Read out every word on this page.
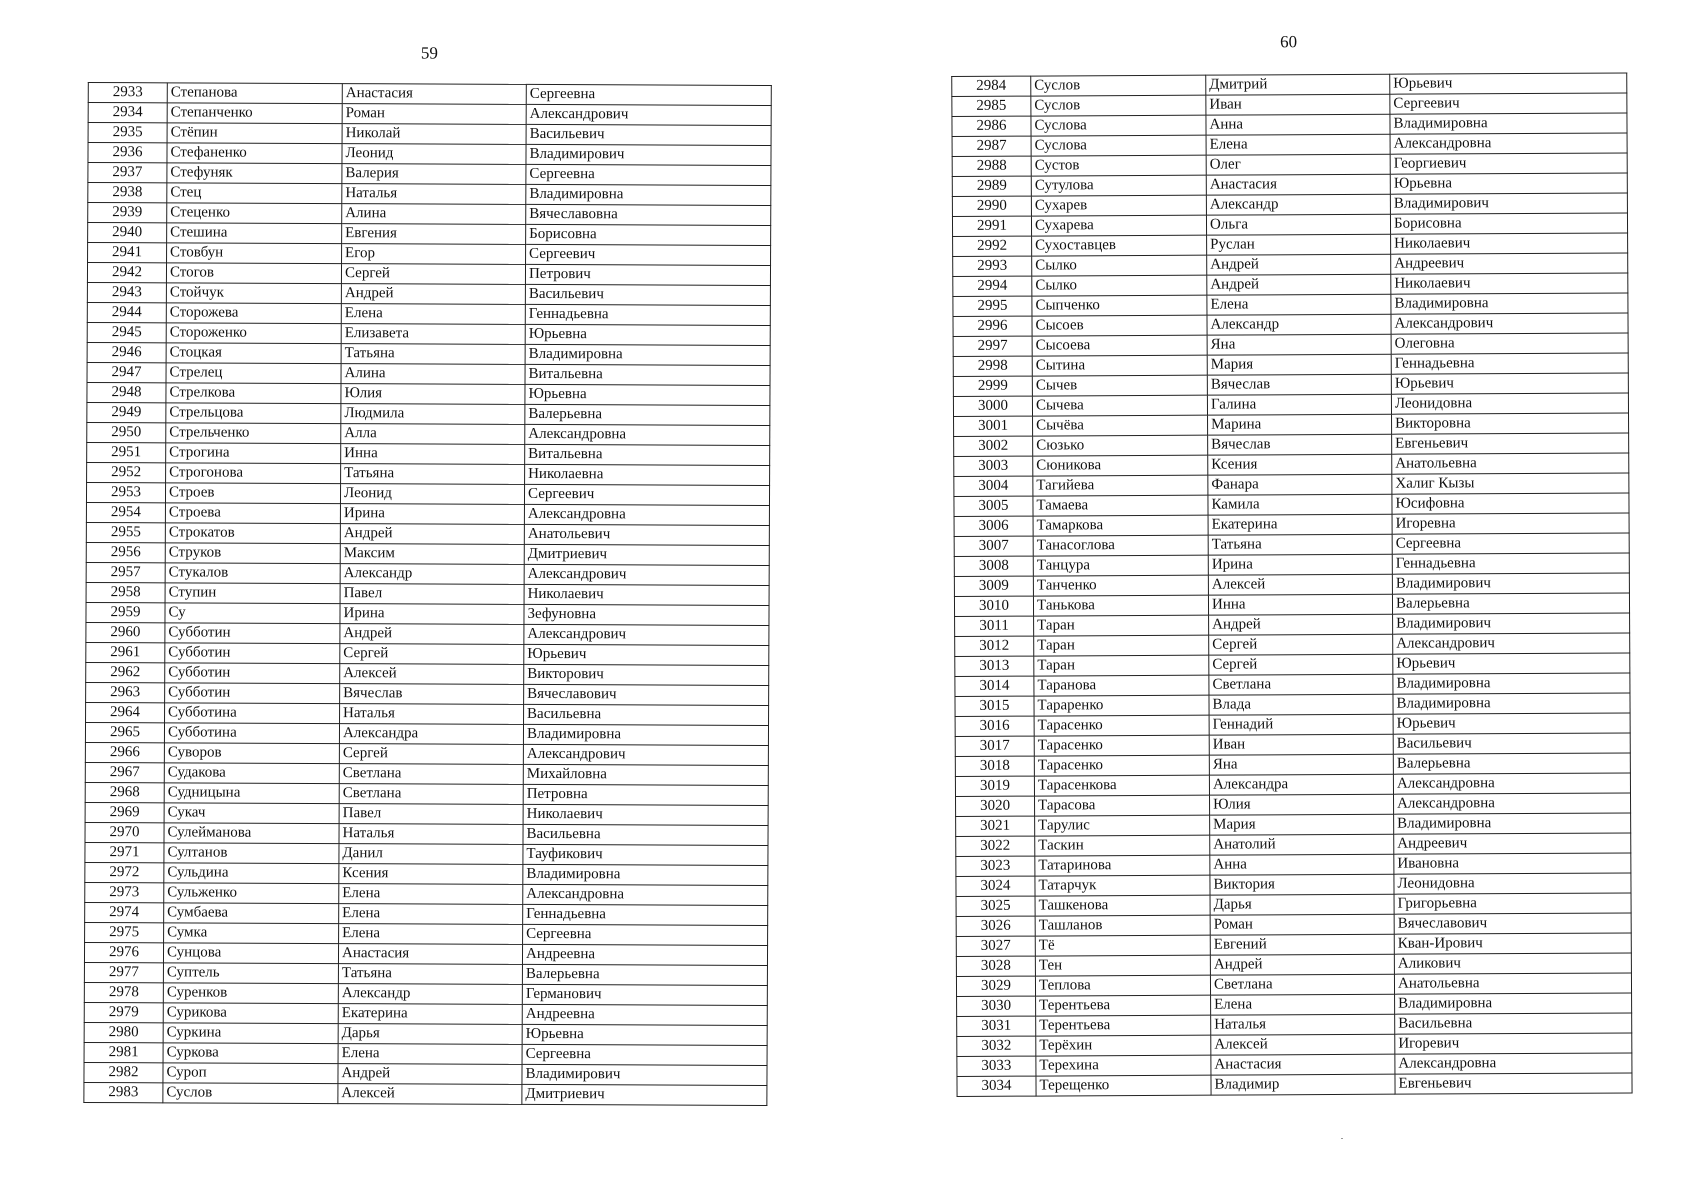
59
2933	Степанова	Анастасия	Сергеевна
2934	Степанченко	Роман	Александрович
2935	Стёпин	Николай	Васильевич
2936	Стефаненко	Леонид	Владимирович
2937	Стефуняк	Валерия	Сергеевна
2938	Стец	Наталья	Владимировна
2939	Стеценко	Алина	Вячеславовна
2940	Стешина	Евгения	Борисовна
2941	Стовбун	Егор	Сергеевич
2942	Стогов	Сергей	Петрович
2943	Стойчук	Андрей	Васильевич
2944	Сторожева	Елена	Геннадьевна
2945	Стороженко	Елизавета	Юрьевна
2946	Стоцкая	Татьяна	Владимировна
2947	Стрелец	Алина	Витальевна
2948	Стрелкова	Юлия	Юрьевна
2949	Стрельцова	Людмила	Валерьевна
2950	Стрельченко	Алла	Александровна
2951	Строгина	Инна	Витальевна
2952	Строгонова	Татьяна	Николаевна
2953	Строев	Леонид	Сергеевич
2954	Строева	Ирина	Александровна
2955	Строкатов	Андрей	Анатольевич
2956	Струков	Максим	Дмитриевич
2957	Стукалов	Александр	Александрович
2958	Ступин	Павел	Николаевич
2959	Су	Ирина	Зефуновна
2960	Субботин	Андрей	Александрович
2961	Субботин	Сергей	Юрьевич
2962	Субботин	Алексей	Викторович
2963	Субботин	Вячеслав	Вячеславович
2964	Субботина	Наталья	Васильевна
2965	Субботина	Александра	Владимировна
2966	Суворов	Сергей	Александрович
2967	Судакова	Светлана	Михайловна
2968	Судницына	Светлана	Петровна
2969	Сукач	Павел	Николаевич
2970	Сулейманова	Наталья	Васильевна
2971	Султанов	Данил	Тауфикович
2972	Сульдина	Ксения	Владимировна
2973	Сульженко	Елена	Александровна
2974	Сумбаева	Елена	Геннадьевна
2975	Сумка	Елена	Сергеевна
2976	Сунцова	Анастасия	Андреевна
2977	Суптель	Татьяна	Валерьевна
2978	Суренков	Александр	Германович
2979	Сурикова	Екатерина	Андреевна
2980	Суркина	Дарья	Юрьевна
2981	Суркова	Елена	Сергеевна
2982	Суроп	Андрей	Владимирович
2983	Суслов	Алексей	Дмитриевич
60
2984	Суслов	Дмитрий	Юрьевич
2985	Суслов	Иван	Сергеевич
2986	Суслова	Анна	Владимировна
2987	Суслова	Елена	Александровна
2988	Сустов	Олег	Георгиевич
2989	Сутулова	Анастасия	Юрьевна
2990	Сухарев	Александр	Владимирович
2991	Сухарева	Ольга	Борисовна
2992	Сухоставцев	Руслан	Николаевич
2993	Сылко	Андрей	Андреевич
2994	Сылко	Андрей	Николаевич
2995	Сыпченко	Елена	Владимировна
2996	Сысоев	Александр	Александрович
2997	Сысоева	Яна	Олеговна
2998	Сытина	Мария	Геннадьевна
2999	Сычев	Вячеслав	Юрьевич
3000	Сычева	Галина	Леонидовна
3001	Сычёва	Марина	Викторовна
3002	Сюзько	Вячеслав	Евгеньевич
3003	Сюникова	Ксения	Анатольевна
3004	Тагийева	Фанара	Халиг Кызы
3005	Тамаева	Камила	Юсифовна
3006	Тамаркова	Екатерина	Игоревна
3007	Танасоглова	Татьяна	Сергеевна
3008	Танцура	Ирина	Геннадьевна
3009	Танченко	Алексей	Владимирович
3010	Танькова	Инна	Валерьевна
3011	Таран	Андрей	Владимирович
3012	Таран	Сергей	Александрович
3013	Таран	Сергей	Юрьевич
3014	Таранова	Светлана	Владимировна
3015	Тараренко	Влада	Владимировна
3016	Тарасенко	Геннадий	Юрьевич
3017	Тарасенко	Иван	Васильевич
3018	Тарасенко	Яна	Валерьевна
3019	Тарасенкова	Александра	Александровна
3020	Тарасова	Юлия	Александровна
3021	Тарулис	Мария	Владимировна
3022	Таскин	Анатолий	Андреевич
3023	Татаринова	Анна	Ивановна
3024	Татарчук	Виктория	Леонидовна
3025	Ташкенова	Дарья	Григорьевна
3026	Ташланов	Роман	Вячеславович
3027	Тё	Евгений	Кван-Ирович
3028	Тен	Андрей	Аликович
3029	Теплова	Светлана	Анатольевна
3030	Терентьева	Елена	Владимировна
3031	Терентьева	Наталья	Васильевна
3032	Терёхин	Алексей	Игоревич
3033	Терехина	Анастасия	Александровна
3034	Терещенко	Владимир	Евгеньевич
